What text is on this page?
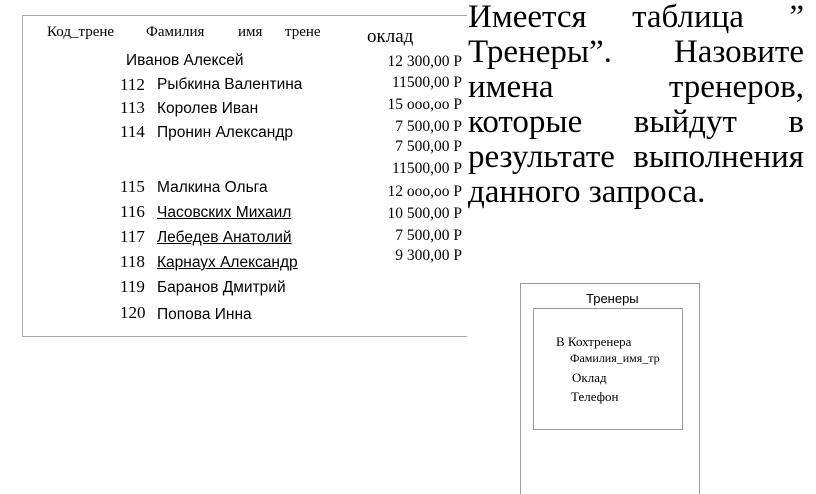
Код_трене Фамилия имя трене оклад
Иванов Алексей	12 300,00 Р
112 Рыбкина Валентина	11500,00 Р
113 Королев Иван	15 ооо,оо Р
114 Пронин Александр	7 500,00 Р
7 500,00 Р
11500,00 Р
115 Малкина Ольга	12 ооо,оо Р
116 Часовских Михаил	10 500,00 Р
117 Лебедев Анатолий	7 500,00 Р
118 Карнаух Александр	9 300,00 Р
119 Баранов Дмитрий
120 Попова Инна
Имеется таблица ” Тренеры”. Назовите имена тренеров, которые выйдут в результате выполнения данного запроса.
Тренеры
В Кохтренера
Фамилия_имя_тр
Оклад
Телефон
